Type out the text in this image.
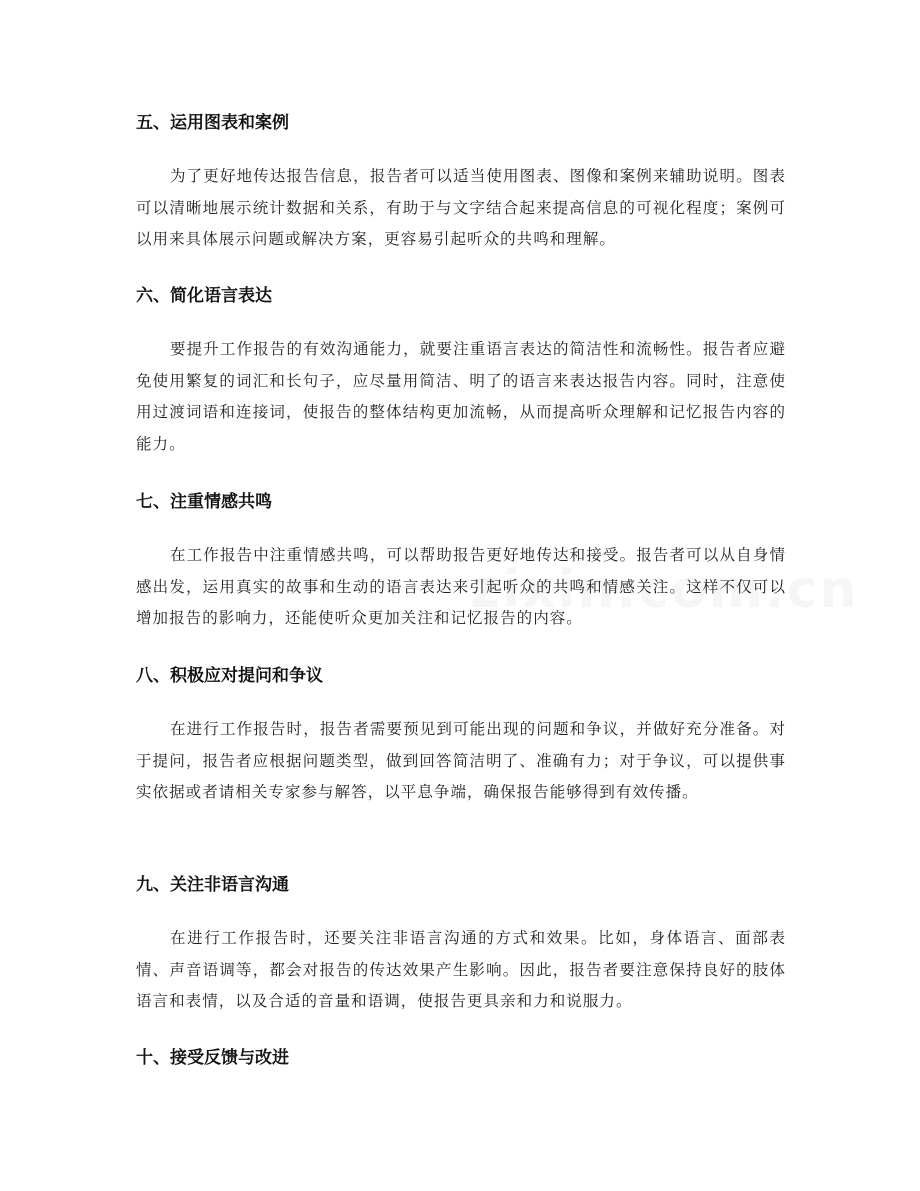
五、运用图表和案例

为了更好地传达报告信息，报告者可以适当使用图表、图像和案例来辅助说明。图表可以清晰地展示统计数据和关系，有助于与文字结合起来提高信息的可视化程度；案例可以用来具体展示问题或解决方案，更容易引起听众的共鸣和理解。

六、简化语言表达

要提升工作报告的有效沟通能力，就要注重语言表达的简洁性和流畅性。报告者应避免使用繁复的词汇和长句子，应尽量用简洁、明了的语言来表达报告内容。同时，注意使用过渡词语和连接词，使报告的整体结构更加流畅，从而提高听众理解和记忆报告内容的能力。

七、注重情感共鸣

在工作报告中注重情感共鸣，可以帮助报告更好地传达和接受。报告者可以从自身情感出发，运用真实的故事和生动的语言表达来引起听众的共鸣和情感关注。这样不仅可以增加报告的影响力，还能使听众更加关注和记忆报告的内容。

八、积极应对提问和争议

在进行工作报告时，报告者需要预见到可能出现的问题和争议，并做好充分准备。对于提问，报告者应根据问题类型，做到回答简洁明了、准确有力；对于争议，可以提供事实依据或者请相关专家参与解答，以平息争端，确保报告能够得到有效传播。

九、关注非语言沟通

在进行工作报告时，还要关注非语言沟通的方式和效果。比如，身体语言、面部表情、声音语调等，都会对报告的传达效果产生影响。因此，报告者要注意保持良好的肢体语言和表情，以及合适的音量和语调，使报告更具亲和力和说服力。

十、接受反馈与改进
